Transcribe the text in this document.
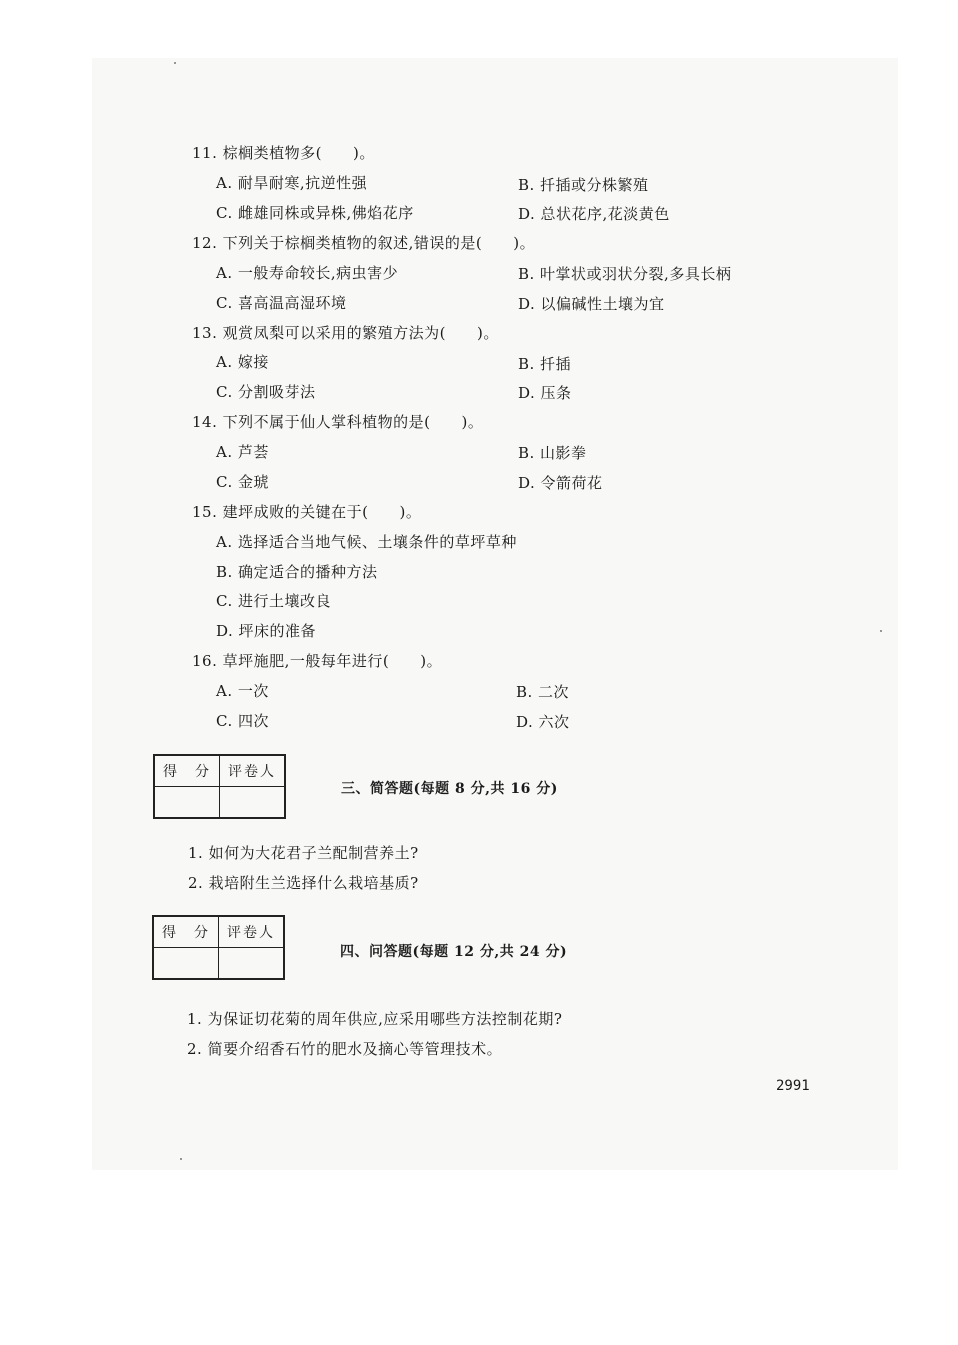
11. 棕榈类植物多(　　)。
A. 耐旱耐寒,抗逆性强	B. 扦插或分株繁殖
C. 雌雄同株或异株,佛焰花序	D. 总状花序,花淡黄色
12. 下列关于棕榈类植物的叙述,错误的是(　　)。
A. 一般寿命较长,病虫害少	B. 叶掌状或羽状分裂,多具长柄
C. 喜高温高湿环境	D. 以偏碱性土壤为宜
13. 观赏凤梨可以采用的繁殖方法为(　　)。
A. 嫁接	B. 扦插
C. 分割吸芽法	D. 压条
14. 下列不属于仙人掌科植物的是(　　)。
A. 芦荟	B. 山影拳
C. 金琥	D. 令箭荷花
15. 建坪成败的关键在于(　　)。
A. 选择适合当地气候、土壤条件的草坪草种
B. 确定适合的播种方法
C. 进行土壤改良
D. 坪床的准备
16. 草坪施肥,一般每年进行(　　)。
A. 一次	B. 二次
C. 四次	D. 六次
得　分	评卷人

三、简答题(每题 8 分,共 16 分)
1. 如何为大花君子兰配制营养土?
2. 栽培附生兰选择什么栽培基质?
得　分	评卷人

四、问答题(每题 12 分,共 24 分)
1. 为保证切花菊的周年供应,应采用哪些方法控制花期?
2. 简要介绍香石竹的肥水及摘心等管理技术。
2991
